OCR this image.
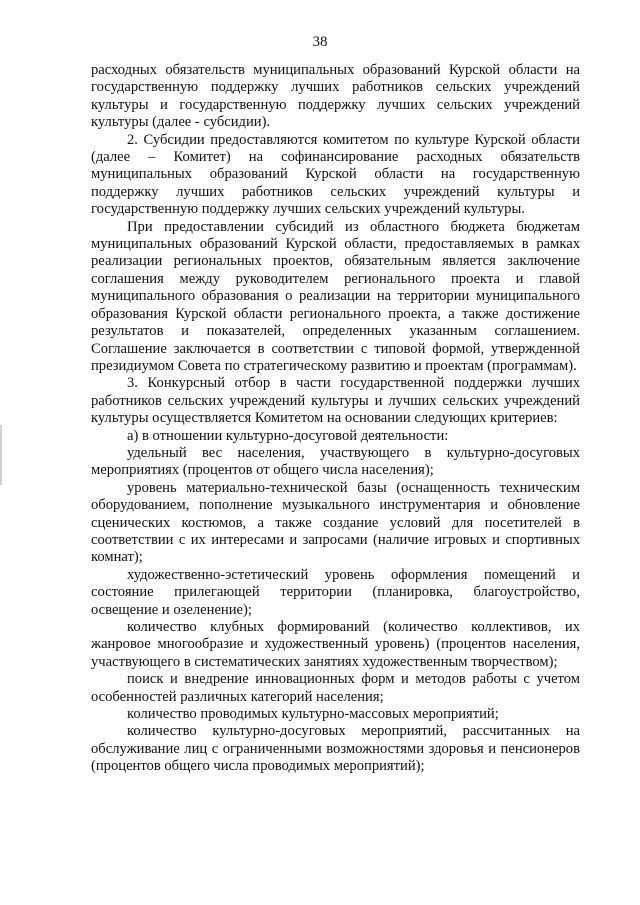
38

расходных обязательств муниципальных образований Курской области на государственную поддержку лучших работников сельских учреждений культуры и государственную поддержку лучших сельских учреждений культуры (далее - субсидии).

2. Субсидии предоставляются комитетом по культуре Курской области (далее – Комитет) на софинансирование расходных обязательств муниципальных образований Курской области на государственную поддержку лучших работников сельских учреждений культуры и государственную поддержку лучших сельских учреждений культуры.

При предоставлении субсидий из областного бюджета бюджетам муниципальных образований Курской области, предоставляемых в рамках реализации региональных проектов, обязательным является заключение соглашения между руководителем регионального проекта и главой муниципального образования о реализации на территории муниципального образования Курской области регионального проекта, а также достижение результатов и показателей, определенных указанным соглашением. Соглашение заключается в соответствии с типовой формой, утвержденной президиумом Совета по стратегическому развитию и проектам (программам).

3. Конкурсный отбор в части государственной поддержки лучших работников сельских учреждений культуры и лучших сельских учреждений культуры осуществляется Комитетом на основании следующих критериев:

а) в отношении культурно-досуговой деятельности:

удельный вес населения, участвующего в культурно-досуговых мероприятиях (процентов от общего числа населения);

уровень материально-технической базы (оснащенность техническим оборудованием, пополнение музыкального инструментария и обновление сценических костюмов, а также создание условий для посетителей в соответствии с их интересами и запросами (наличие игровых и спортивных комнат);

художественно-эстетический уровень оформления помещений и состояние прилегающей территории (планировка, благоустройство, освещение и озеленение);

количество клубных формирований (количество коллективов, их жанровое многообразие и художественный уровень) (процентов населения, участвующего в систематических занятиях художественным творчеством);

поиск и внедрение инновационных форм и методов работы с учетом особенностей различных категорий населения;

количество проводимых культурно-массовых мероприятий;

количество культурно-досуговых мероприятий, рассчитанных на обслуживание лиц с ограниченными возможностями здоровья и пенсионеров (процентов общего числа проводимых мероприятий);
